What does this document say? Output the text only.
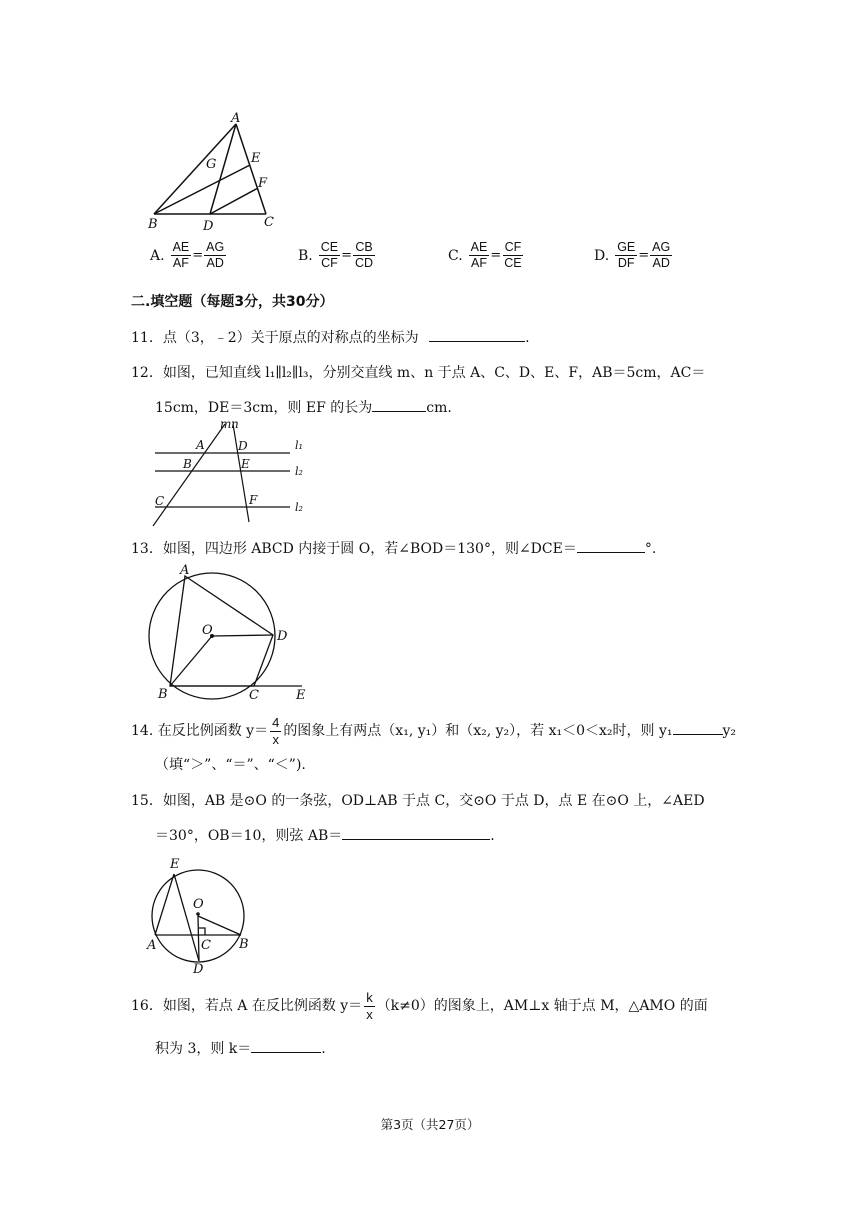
A
G	E
F
B	D	C
A. $\frac{AE}{AF} = \frac{AG}{AD}$	B. $\frac{CE}{CF} = \frac{CB}{CD}$	C. $\frac{AE}{AF} = \frac{CF}{CE}$	D. $\frac{GE}{DF} = \frac{AG}{AD}$
二.填空题（每题3分，共30分）
11．点（3，﹣2）关于原点的对称点的坐标为	.
12．如图，已知直线 l₁∥l₂∥l₃，分别交直线 m、n 于点 A、C、D、E、F，AB＝5cm，AC＝
15cm，DE＝3cm，则 EF 的长为	cm.
m n
A	D
B	E
C	F
l₁
l₂
l₂
13．如图，四边形 ABCD 内接于圆 O，若∠BOD＝130°，则∠DCE＝	°.
A
O	D
B	C	E
14. 在反比例函数 $y= \frac{4}{x}$ 的图象上有两点（x₁, y₁）和（x₂, y₂），若 x₁＜0＜x₂时，则 y₁	y₂
（填“＞”、“＝”、“＜”).
15．如图，AB 是⊙O 的一条弦，OD⊥AB 于点 C，交⊙O 于点 D，点 E 在⊙O 上，∠AED
＝30°，OB＝10，则弦 AB＝	.
E
O
A	C B
D
16．如图，若点 A 在反比例函数 $y= \frac{k}{x} (k\ne 0)$的图象上，AM⊥x 轴于点 M，△AMO 的面
积为 3，则 k＝	.
第3页（共27页）
